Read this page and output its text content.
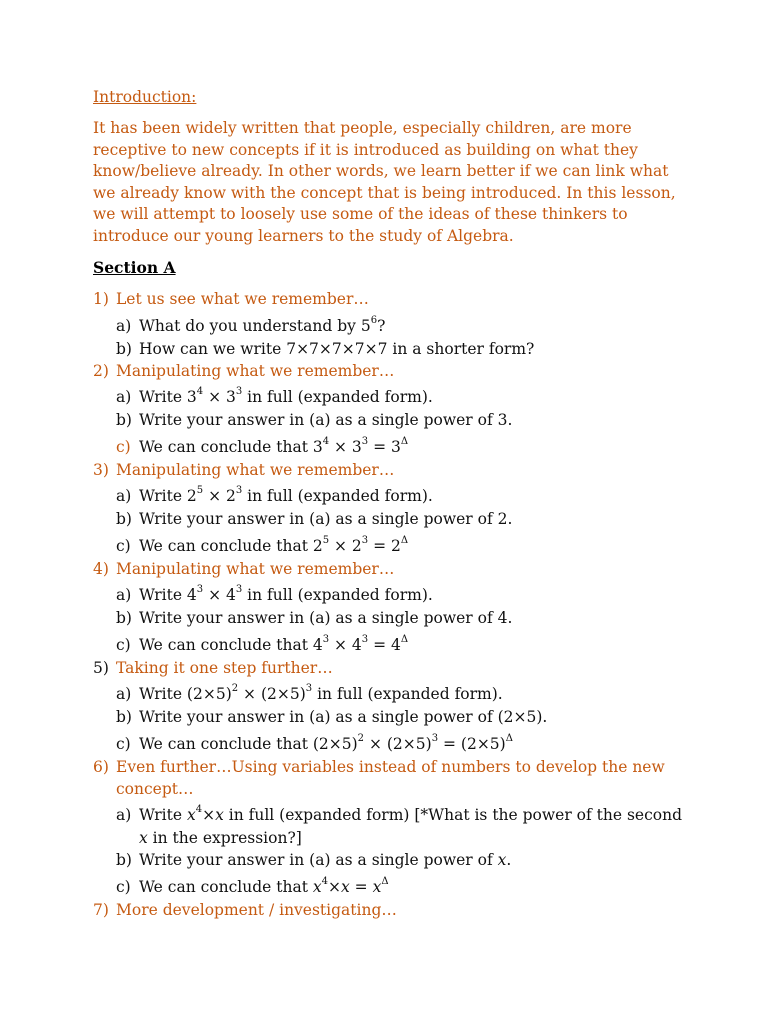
Introduction:

It has been widely written that people, especially children, are more receptive to new concepts if it is introduced as building on what they know/believe already. In other words, we learn better if we can link what we already know with the concept that is being introduced. In this lesson, we will attempt to loosely use some of the ideas of these thinkers to introduce our young learners to the study of Algebra.

Section A

1) Let us see what we remember…
a) What do you understand by $5^6$?
b) How can we write 7×7×7×7×7 in a shorter form?
2) Manipulating what we remember…
a) Write $3^4 \times 3^3$ in full (expanded form).
b) Write your answer in (a) as a single power of 3.
c) We can conclude that $3^4 \times 3^3 = 3^\Delta$
3) Manipulating what we remember…
a) Write $2^5 \times 2^3$ in full (expanded form).
b) Write your answer in (a) as a single power of 2.
c) We can conclude that $2^5 \times 2^3 = 2^\Delta$
4) Manipulating what we remember…
a) Write $4^3 \times 4^3$ in full (expanded form).
b) Write your answer in (a) as a single power of 4.
c) We can conclude that $4^3 \times 4^3 = 4^\Delta$
5) Taking it one step further…
a) Write $(2\times 5)^2 \times (2\times 5)^3$ in full (expanded form).
b) Write your answer in (a) as a single power of (2×5).
c) We can conclude that $(2\times 5)^2 \times (2\times 5)^3 = (2\times 5)^\Delta$
6) Even further…Using variables instead of numbers to develop the new
concept…
a) Write $x^4\times x$ in full (expanded form) [*What is the power of the second
x in the expression?]
b) Write your answer in (a) as a single power of x.
c) We can conclude that $x^4\times x = x^\Delta$
7) More development / investigating…
